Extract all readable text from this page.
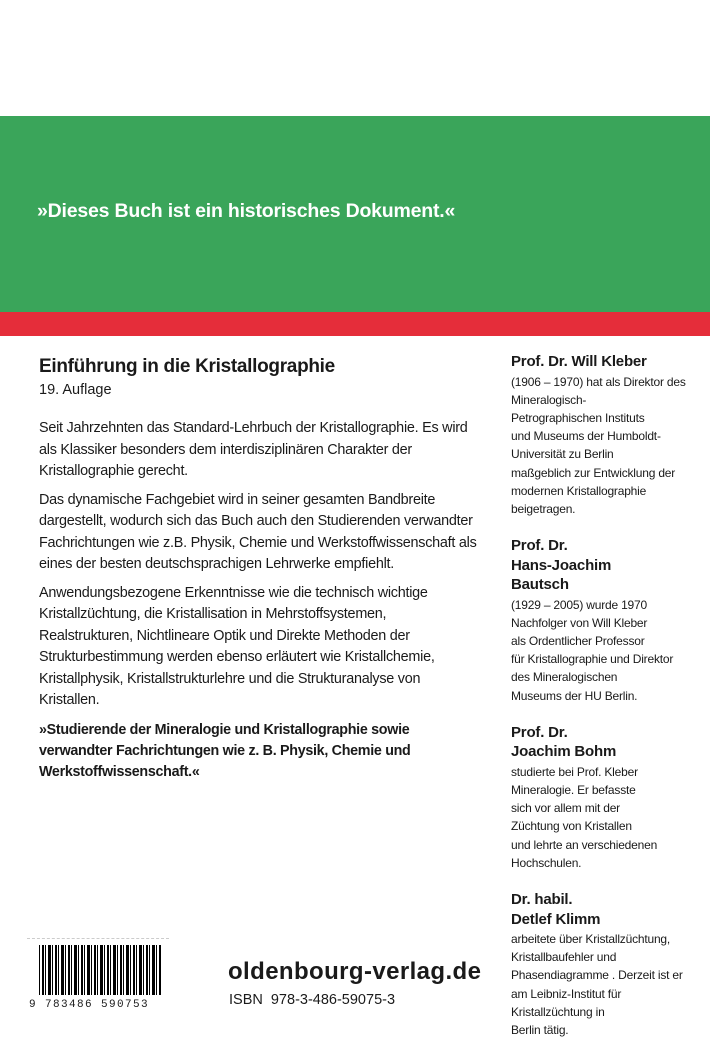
»Dieses Buch ist ein historisches Dokument.«

Einführung in die Kristallographie

19. Auflage

Seit Jahrzehnten das Standard-Lehrbuch der Kristallographie. Es wird als Klassiker besonders dem interdisziplinären Charakter der Kristallographie gerecht.

Das dynamische Fachgebiet wird in seiner gesamten Bandbreite dargestellt, wodurch sich das Buch auch den Studierenden verwandter Fachrichtungen wie z.B. Physik, Chemie und Werkstoffwissenschaft als eines der besten deutschsprachigen Lehrwerke empfiehlt.

Anwendungsbezogene Erkenntnisse wie die technisch wichtige Kristallzüchtung, die Kristallisation in Mehrstoffsystemen, Realstrukturen, Nichtlineare Optik und Direkte Methoden der Strukturbestimmung werden ebenso erläutert wie Kristallchemie, Kristallphysik, Kristallstrukturlehre und die Strukturanalyse von Kristallen.

»Studierende der Mineralogie und Kristallographie sowie verwandter Fachrichtungen wie z. B. Physik, Chemie und Werkstoffwissenschaft.«

Prof. Dr. Will Kleber

(1906 – 1970) hat als Direktor des Mineralogisch-
Petrographischen Instituts
und Museums der Humboldt-Universität zu Berlin
maßgeblich zur Entwicklung der modernen Kristallographie beigetragen.

Prof. Dr.
Hans-Joachim
Bautsch

(1929 – 2005) wurde 1970
Nachfolger von Will Kleber
als Ordentlicher Professor
für Kristallographie und Direktor des Mineralogischen
Museums der HU Berlin.

Prof. Dr.
Joachim Bohm

studierte bei Prof. Kleber
Mineralogie. Er befasste
sich vor allem mit der
Züchtung von Kristallen
und lehrte an verschiedenen Hochschulen.

Dr. habil.
Detlef Klimm

arbeitete über Kristallzüchtung, Kristallbaufehler und
Phasendiagramme . Derzeit ist er am Leibniz-Institut für Kristallzüchtung in
Berlin tätig.

9 783486 590753

oldenbourg-verlag.de

ISBN 978-3-486-59075-3
